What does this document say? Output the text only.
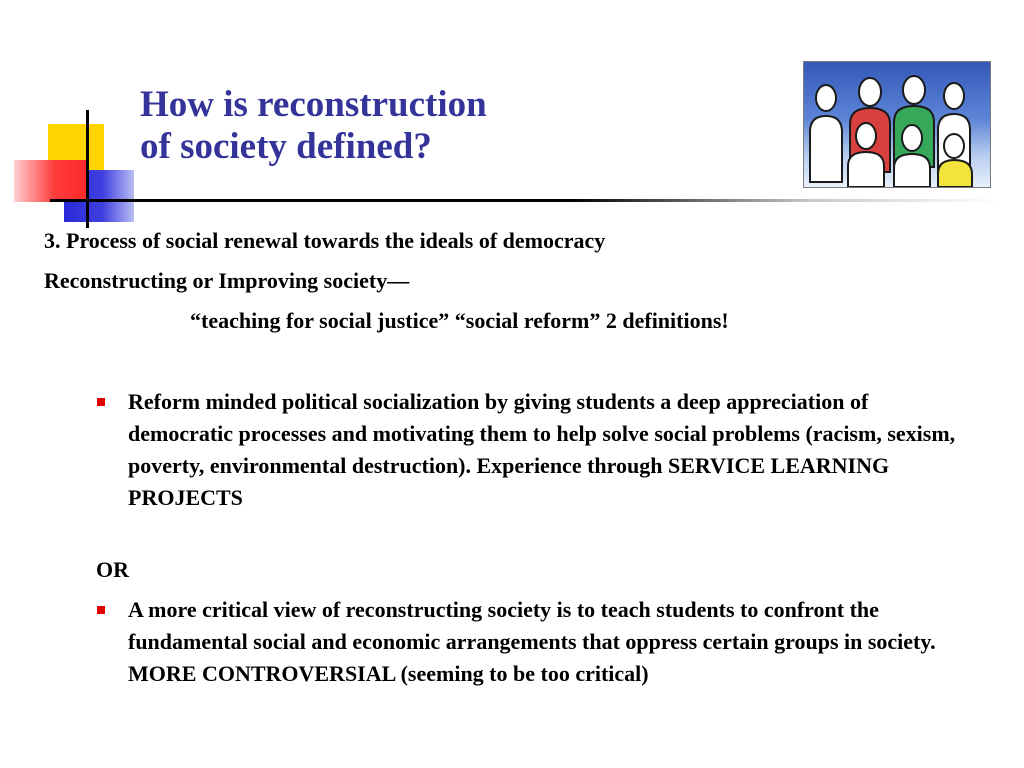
How is reconstruction
of society defined?
3. Process of social renewal towards the ideals of democracy
Reconstructing or Improving society—
“teaching for social justice” “social reform” 2 definitions!
Reform minded political socialization by giving students a deep appreciation of democratic processes and motivating them to help solve social problems (racism, sexism, poverty, environmental destruction). Experience through SERVICE LEARNING PROJECTS
OR
A more critical view of reconstructing society is to teach students to confront the fundamental social and economic arrangements that oppress certain groups in society. MORE CONTROVERSIAL (seeming to be too critical)
